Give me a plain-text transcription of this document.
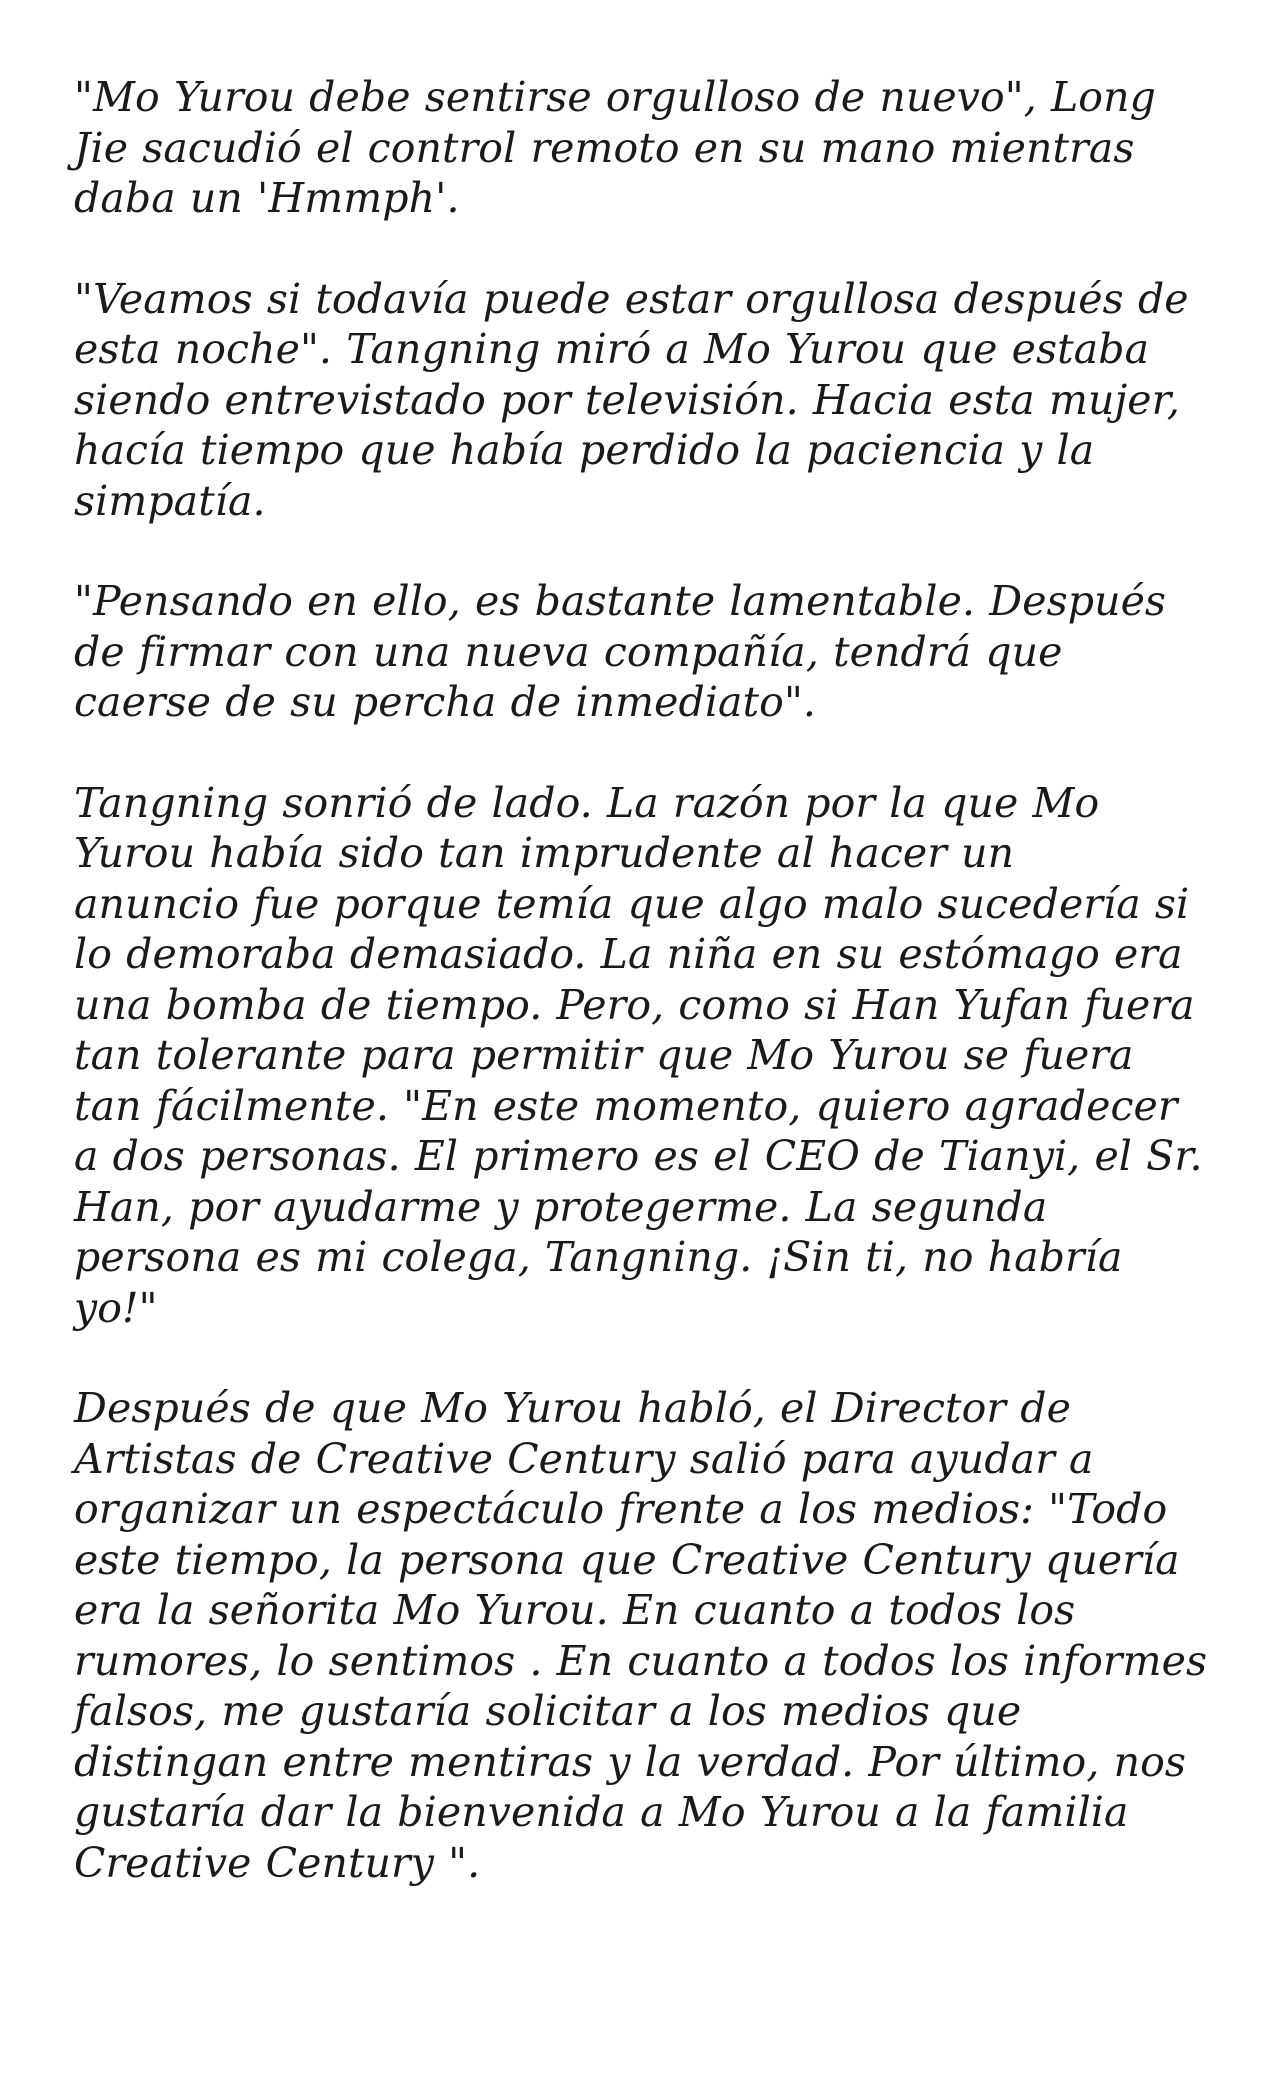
"Mo Yurou debe sentirse orgulloso de nuevo", Long
Jie sacudió el control remoto en su mano mientras
daba un 'Hmmph'.

"Veamos si todavía puede estar orgullosa después de
esta noche". Tangning miró a Mo Yurou que estaba
siendo entrevistado por televisión. Hacia esta mujer,
hacía tiempo que había perdido la paciencia y la
simpatía.

"Pensando en ello, es bastante lamentable. Después
de firmar con una nueva compañía, tendrá que
caerse de su percha de inmediato".

Tangning sonrió de lado. La razón por la que Mo
Yurou había sido tan imprudente al hacer un
anuncio fue porque temía que algo malo sucedería si
lo demoraba demasiado. La niña en su estómago era
una bomba de tiempo. Pero, como si Han Yufan fuera
tan tolerante para permitir que Mo Yurou se fuera
tan fácilmente. "En este momento, quiero agradecer
a dos personas. El primero es el CEO de Tianyi, el Sr.
Han, por ayudarme y protegerme. La segunda
persona es mi colega, Tangning. ¡Sin ti, no habría
yo!"

Después de que Mo Yurou habló, el Director de
Artistas de Creative Century salió para ayudar a
organizar un espectáculo frente a los medios: "Todo
este tiempo, la persona que Creative Century quería
era la señorita Mo Yurou. En cuanto a todos los
rumores, lo sentimos . En cuanto a todos los informes
falsos, me gustaría solicitar a los medios que
distingan entre mentiras y la verdad. Por último, nos
gustaría dar la bienvenida a Mo Yurou a la familia
Creative Century ".
